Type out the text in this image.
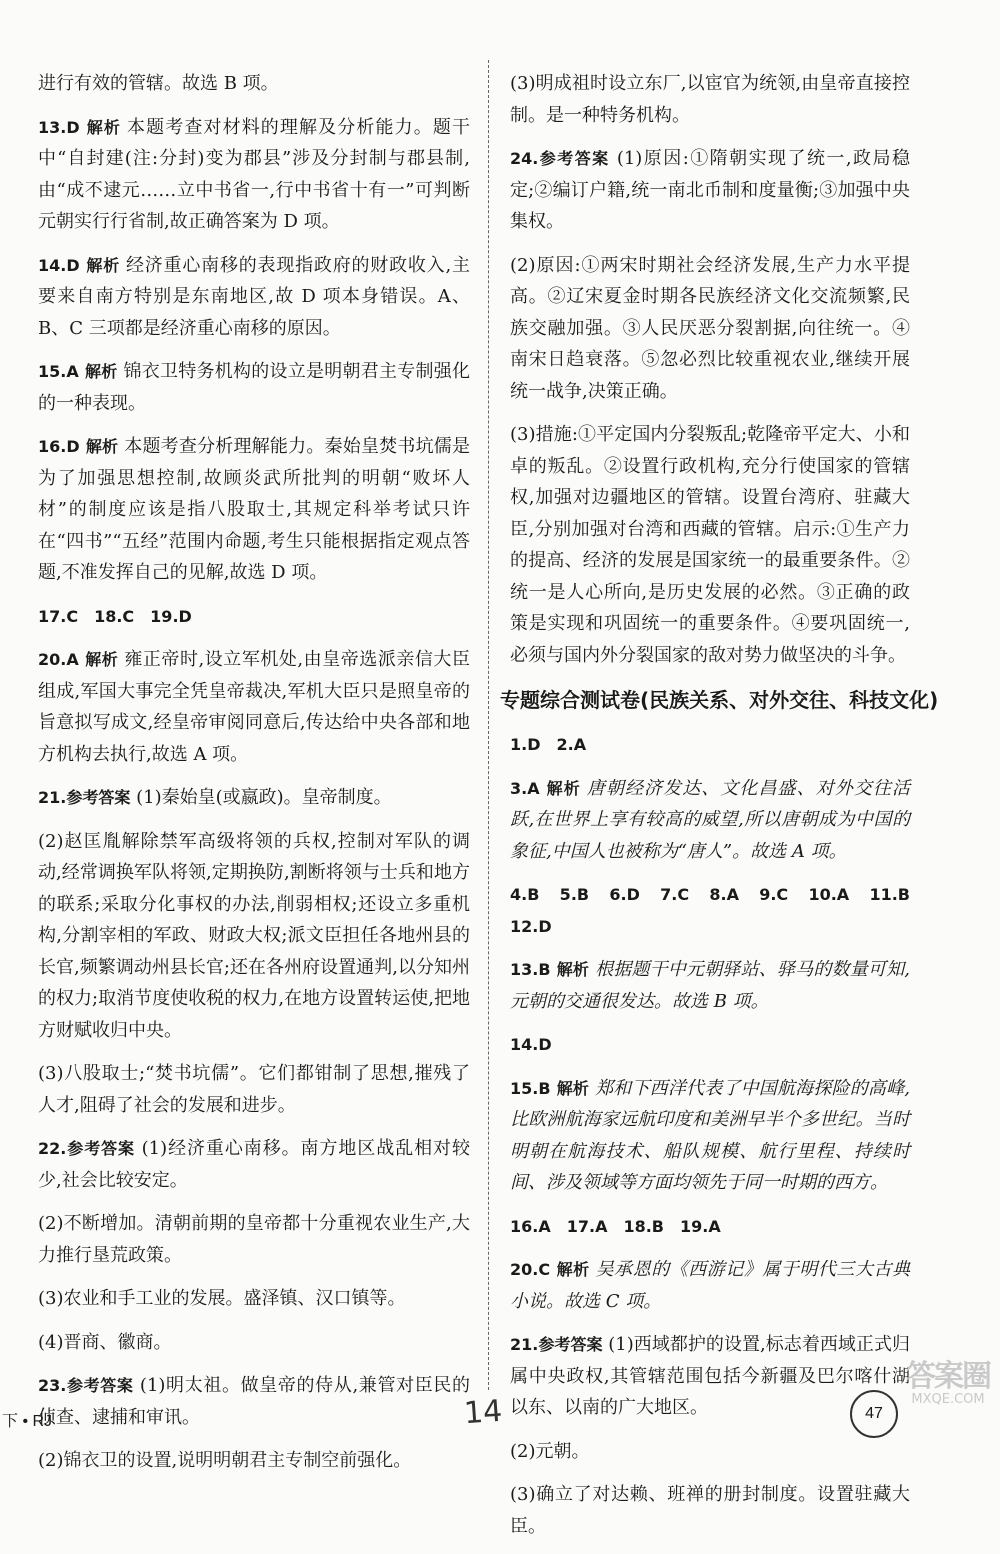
进行有效的管辖。故选 B 项。

13.D 解析 本题考查对材料的理解及分析能力。题干中“自封建(注:分封)变为郡县”涉及分封制与郡县制,由“成不逮元……立中书省一,行中书省十有一”可判断元朝实行行省制,故正确答案为 D 项。

14.D 解析 经济重心南移的表现指政府的财政收入,主要来自南方特别是东南地区,故 D 项本身错误。A、B、C 三项都是经济重心南移的原因。

15.A 解析 锦衣卫特务机构的设立是明朝君主专制强化的一种表现。

16.D 解析 本题考查分析理解能力。秦始皇焚书坑儒是为了加强思想控制,故顾炎武所批判的明朝“败坏人材”的制度应该是指八股取士,其规定科举考试只许在“四书”“五经”范围内命题,考生只能根据指定观点答题,不准发挥自己的见解,故选 D 项。

17.C　18.C　19.D

20.A 解析 雍正帝时,设立军机处,由皇帝选派亲信大臣组成,军国大事完全凭皇帝裁决,军机大臣只是照皇帝的旨意拟写成文,经皇帝审阅同意后,传达给中央各部和地方机构去执行,故选 A 项。

21.参考答案 (1)秦始皇(或嬴政)。皇帝制度。

(2)赵匡胤解除禁军高级将领的兵权,控制对军队的调动,经常调换军队将领,定期换防,割断将领与士兵和地方的联系;采取分化事权的办法,削弱相权;还设立多重机构,分割宰相的军政、财政大权;派文臣担任各地州县的长官,频繁调动州县长官;还在各州府设置通判,以分知州的权力;取消节度使收税的权力,在地方设置转运使,把地方财赋收归中央。

(3)八股取士;“焚书坑儒”。它们都钳制了思想,摧残了人才,阻碍了社会的发展和进步。

22.参考答案 (1)经济重心南移。南方地区战乱相对较少,社会比较安定。

(2)不断增加。清朝前期的皇帝都十分重视农业生产,大力推行垦荒政策。

(3)农业和手工业的发展。盛泽镇、汉口镇等。

(4)晋商、徽商。

23.参考答案 (1)明太祖。做皇帝的侍从,兼管对臣民的侦查、逮捕和审讯。

(2)锦衣卫的设置,说明明朝君主专制空前强化。

(3)明成祖时设立东厂,以宦官为统领,由皇帝直接控制。是一种特务机构。

24.参考答案 (1)原因:①隋朝实现了统一,政局稳定;②编订户籍,统一南北币制和度量衡;③加强中央集权。

(2)原因:①两宋时期社会经济发展,生产力水平提高。②辽宋夏金时期各民族经济文化交流频繁,民族交融加强。③人民厌恶分裂割据,向往统一。④南宋日趋衰落。⑤忽必烈比较重视农业,继续开展统一战争,决策正确。

(3)措施:①平定国内分裂叛乱;乾隆帝平定大、小和卓的叛乱。②设置行政机构,充分行使国家的管辖权,加强对边疆地区的管辖。设置台湾府、驻藏大臣,分别加强对台湾和西藏的管辖。启示:①生产力的提高、经济的发展是国家统一的最重要条件。②统一是人心所向,是历史发展的必然。③正确的政策是实现和巩固统一的重要条件。④要巩固统一,必须与国内外分裂国家的敌对势力做坚决的斗争。

专题综合测试卷(民族关系、对外交往、科技文化)

1.D　2.A

3.A 解析 唐朝经济发达、文化昌盛、对外交往活跃,在世界上享有较高的威望,所以唐朝成为中国的象征,中国人也被称为“唐人”。故选 A 项。

4.B　5.B　6.D　7.C　8.A　9.C　10.A　11.B　12.D

13.B 解析 根据题干中元朝驿站、驿马的数量可知,元朝的交通很发达。故选 B 项。

14.D

15.B 解析 郑和下西洋代表了中国航海探险的高峰,比欧洲航海家远航印度和美洲早半个多世纪。当时明朝在航海技术、船队规模、航行里程、持续时间、涉及领域等方面均领先于同一时期的西方。

16.A　17.A　18.B　19.A

20.C 解析 吴承恩的《西游记》属于明代三大古典小说。故选 C 项。

21.参考答案 (1)西域都护的设置,标志着西域正式归属中央政权,其管辖范围包括今新疆及巴尔喀什湖以东、以南的广大地区。

(2)元朝。

(3)确立了对达赖、班禅的册封制度。设置驻藏大臣。

下 • RJ	14	47
答案圈
MXQE.COM
